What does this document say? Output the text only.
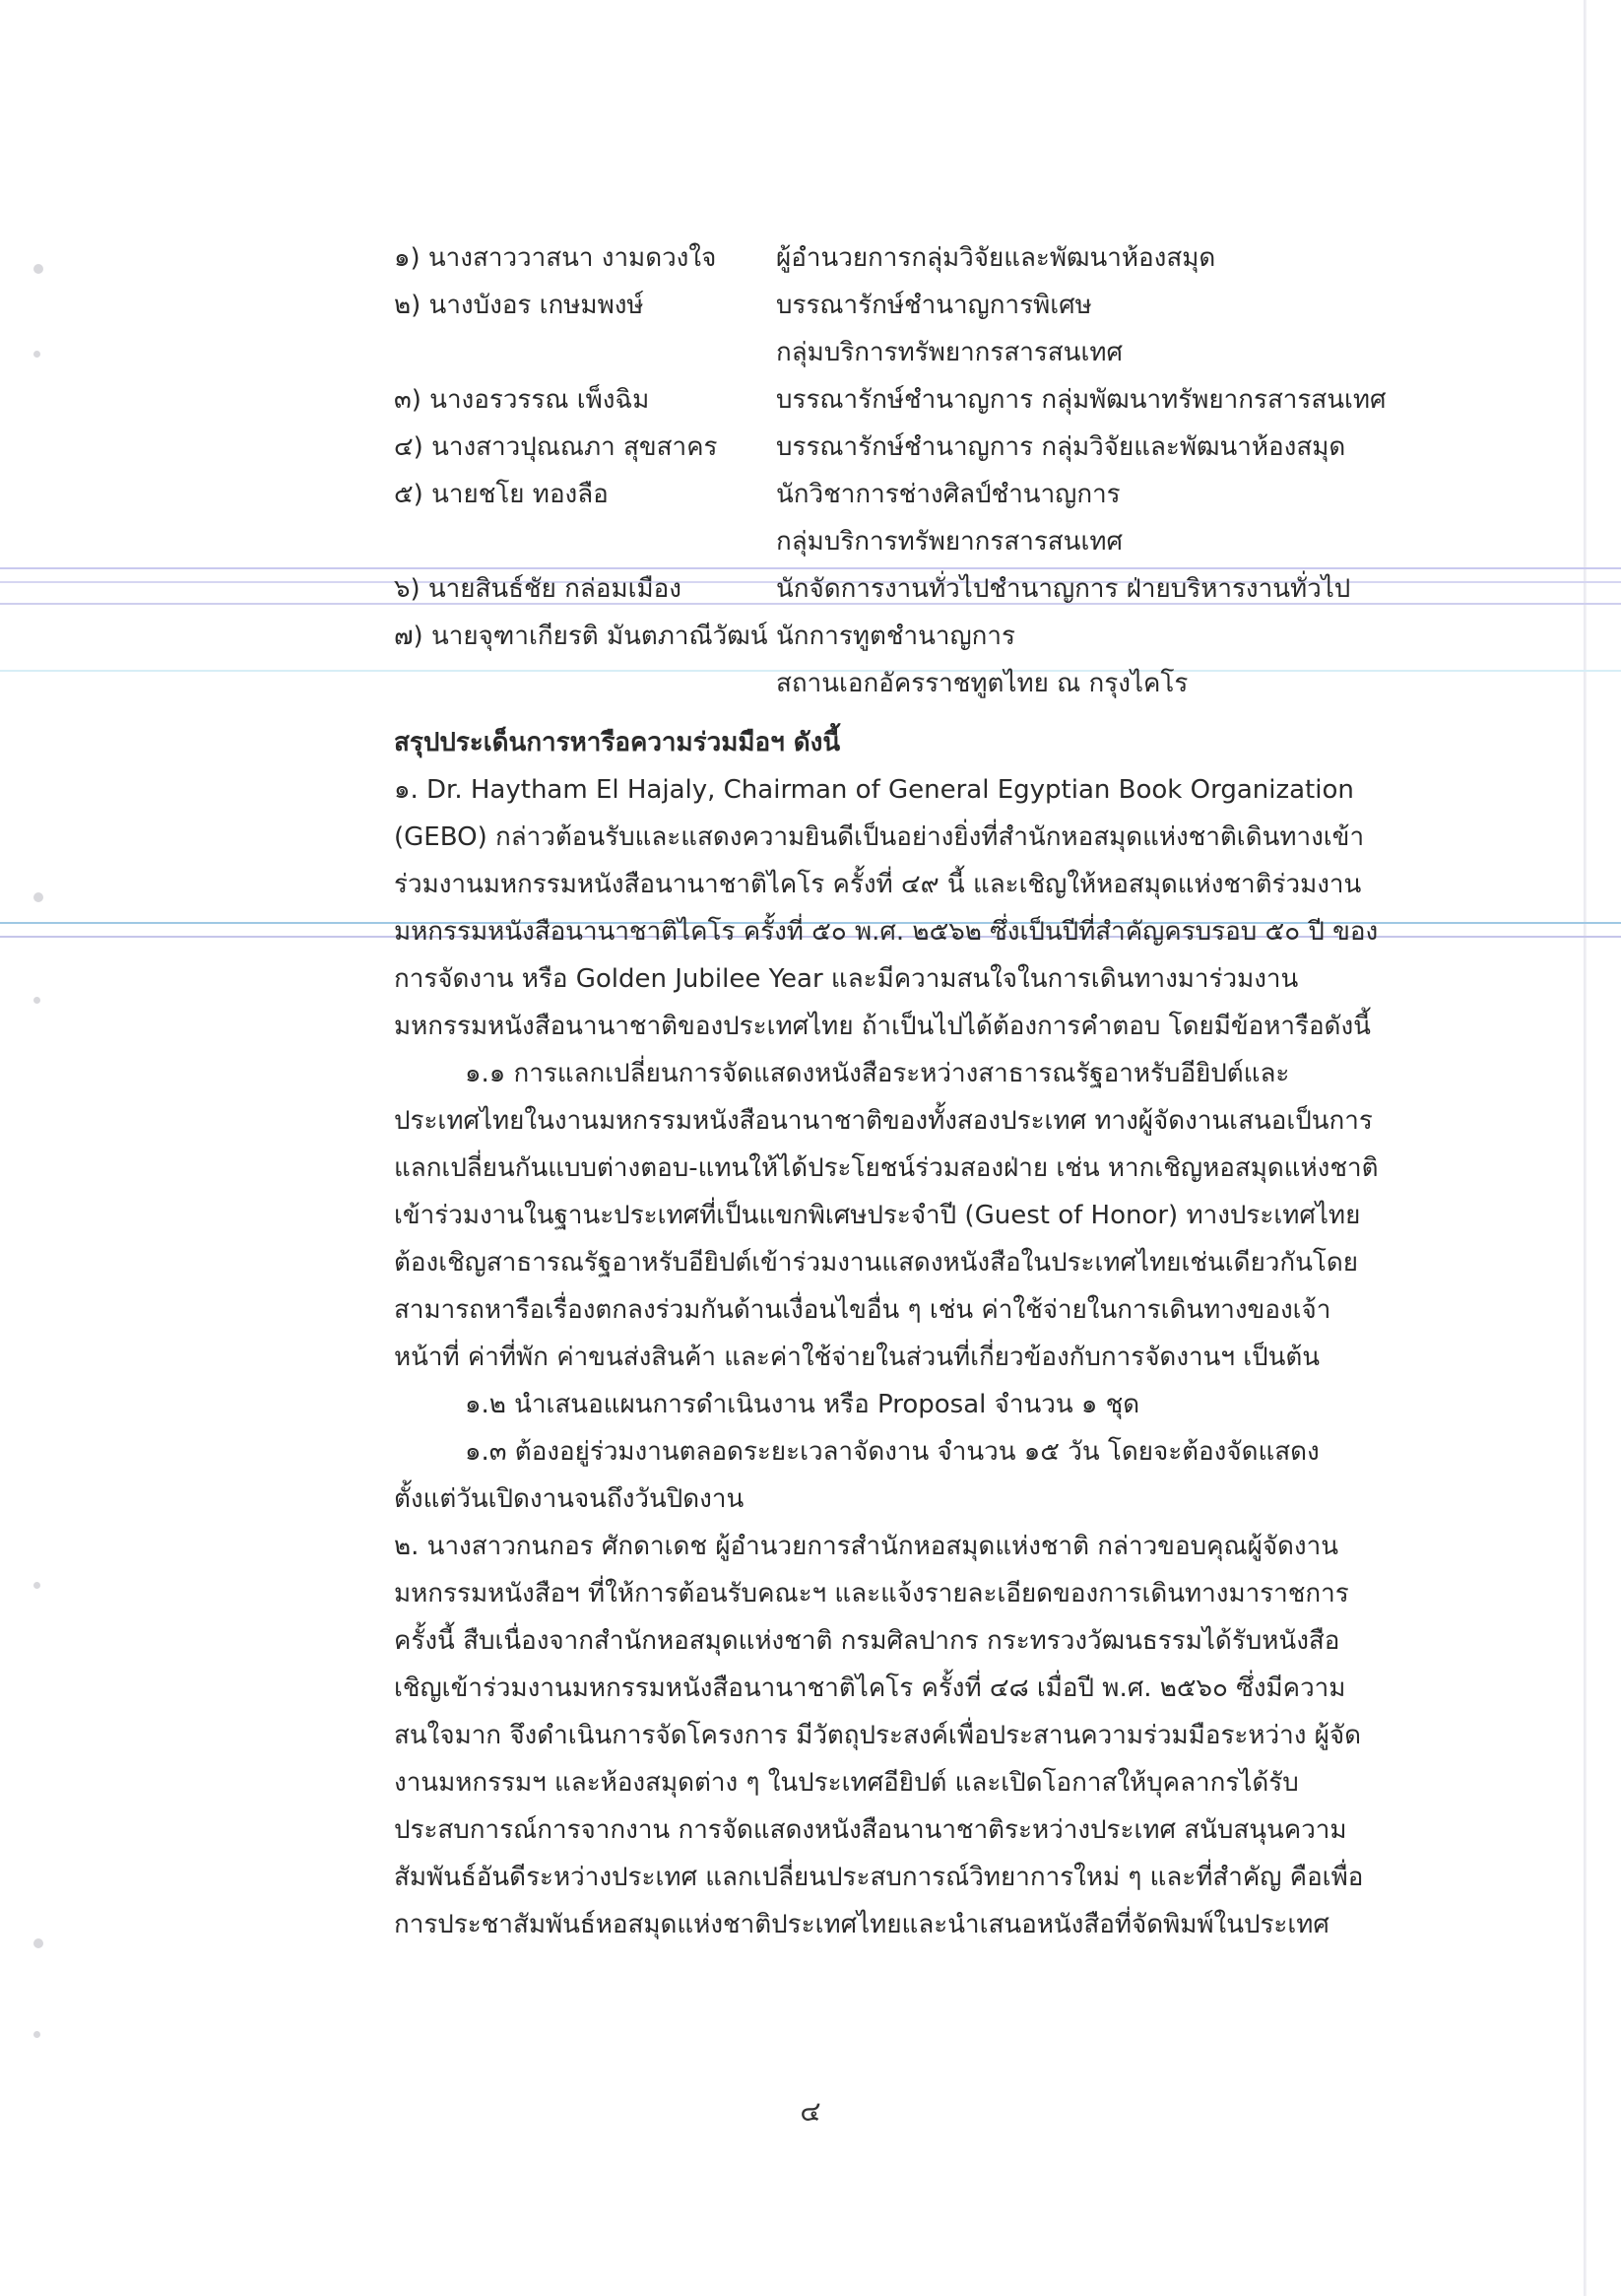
๑) นางสาววาสนา งามดวงใจ	ผู้อำนวยการกลุ่มวิจัยและพัฒนาห้องสมุด
๒) นางบังอร เกษมพงษ์	บรรณารักษ์ชำนาญการพิเศษ
กลุ่มบริการทรัพยากรสารสนเทศ
๓) นางอรวรรณ เพ็งฉิม	บรรณารักษ์ชำนาญการ กลุ่มพัฒนาทรัพยากรสารสนเทศ
๔) นางสาวปุณณภา สุขสาคร	บรรณารักษ์ชำนาญการ กลุ่มวิจัยและพัฒนาห้องสมุด
๕) นายชโย ทองลือ	นักวิชาการช่างศิลป์ชำนาญการ
กลุ่มบริการทรัพยากรสารสนเทศ
๖) นายสินธ์ชัย กล่อมเมือง	นักจัดการงานทั่วไปชำนาญการ ฝ่ายบริหารงานทั่วไป
๗) นายจุฑาเกียรติ มันตภาณีวัฒน์ นักการทูตชำนาญการ
สถานเอกอัครราชทูตไทย ณ กรุงไคโร
สรุปประเด็นการหารือความร่วมมือฯ ดังนี้

๑. Dr. Haytham El Hajaly, Chairman of General Egyptian Book Organization (GEBO) กล่าวต้อนรับและแสดงความยินดีเป็นอย่างยิ่งที่สำนักหอสมุดแห่งชาติเดินทางเข้าร่วมงานมหกรรมหนังสือนานาชาติไคโร ครั้งที่ ๔๙ นี้ และเชิญให้หอสมุดแห่งชาติร่วมงานมหกรรมหนังสือนานาชาติไคโร ครั้งที่ ๕๐ พ.ศ. ๒๕๖๒ ซึ่งเป็นปีที่สำคัญครบรอบ ๕๐ ปี ของการจัดงาน หรือ Golden Jubilee Year และมีความสนใจในการเดินทางมาร่วมงานมหกรรมหนังสือนานาชาติของประเทศไทย ถ้าเป็นไปได้ต้องการคำตอบ โดยมีข้อหารือดังนี้

๑.๑ การแลกเปลี่ยนการจัดแสดงหนังสือระหว่างสาธารณรัฐอาหรับอียิปต์และประเทศไทยในงานมหกรรมหนังสือนานาชาติของทั้งสองประเทศ ทางผู้จัดงานเสนอเป็นการแลกเปลี่ยนกันแบบต่างตอบ-แทนให้ได้ประโยชน์ร่วมสองฝ่าย เช่น หากเชิญหอสมุดแห่งชาติเข้าร่วมงานในฐานะประเทศที่เป็นแขกพิเศษประจำปี (Guest of Honor) ทางประเทศไทยต้องเชิญสาธารณรัฐอาหรับอียิปต์เข้าร่วมงานแสดงหนังสือในประเทศไทยเช่นเดียวกันโดยสามารถหารือเรื่องตกลงร่วมกันด้านเงื่อนไขอื่น ๆ เช่น ค่าใช้จ่ายในการเดินทางของเจ้าหน้าที่ ค่าที่พัก ค่าขนส่งสินค้า และค่าใช้จ่ายในส่วนที่เกี่ยวข้องกับการจัดงานฯ เป็นต้น

๑.๒ นำเสนอแผนการดำเนินงาน หรือ Proposal จำนวน ๑ ชุด

๑.๓ ต้องอยู่ร่วมงานตลอดระยะเวลาจัดงาน จำนวน ๑๕ วัน โดยจะต้องจัดแสดงตั้งแต่วันเปิดงานจนถึงวันปิดงาน

๒. นางสาวกนกอร ศักดาเดช ผู้อำนวยการสำนักหอสมุดแห่งชาติ กล่าวขอบคุณผู้จัดงานมหกรรมหนังสือฯ ที่ให้การต้อนรับคณะฯ และแจ้งรายละเอียดของการเดินทางมาราชการครั้งนี้ สืบเนื่องจากสำนักหอสมุดแห่งชาติ กรมศิลปากร กระทรวงวัฒนธรรมได้รับหนังสือเชิญเข้าร่วมงานมหกรรมหนังสือนานาชาติไคโร ครั้งที่ ๔๘ เมื่อปี พ.ศ. ๒๕๖๐ ซึ่งมีความสนใจมาก จึงดำเนินการจัดโครงการ มีวัตถุประสงค์เพื่อประสานความร่วมมือระหว่าง ผู้จัดงานมหกรรมฯ และห้องสมุดต่าง ๆ ในประเทศอียิปต์ และเปิดโอกาสให้บุคลากรได้รับประสบการณ์การจากงาน การจัดแสดงหนังสือนานาชาติระหว่างประเทศ สนับสนุนความสัมพันธ์อันดีระหว่างประเทศ แลกเปลี่ยนประสบการณ์วิทยาการใหม่ ๆ และที่สำคัญ คือเพื่อการประชาสัมพันธ์หอสมุดแห่งชาติประเทศไทยและนำเสนอหนังสือที่จัดพิมพ์ในประเทศ

๔
